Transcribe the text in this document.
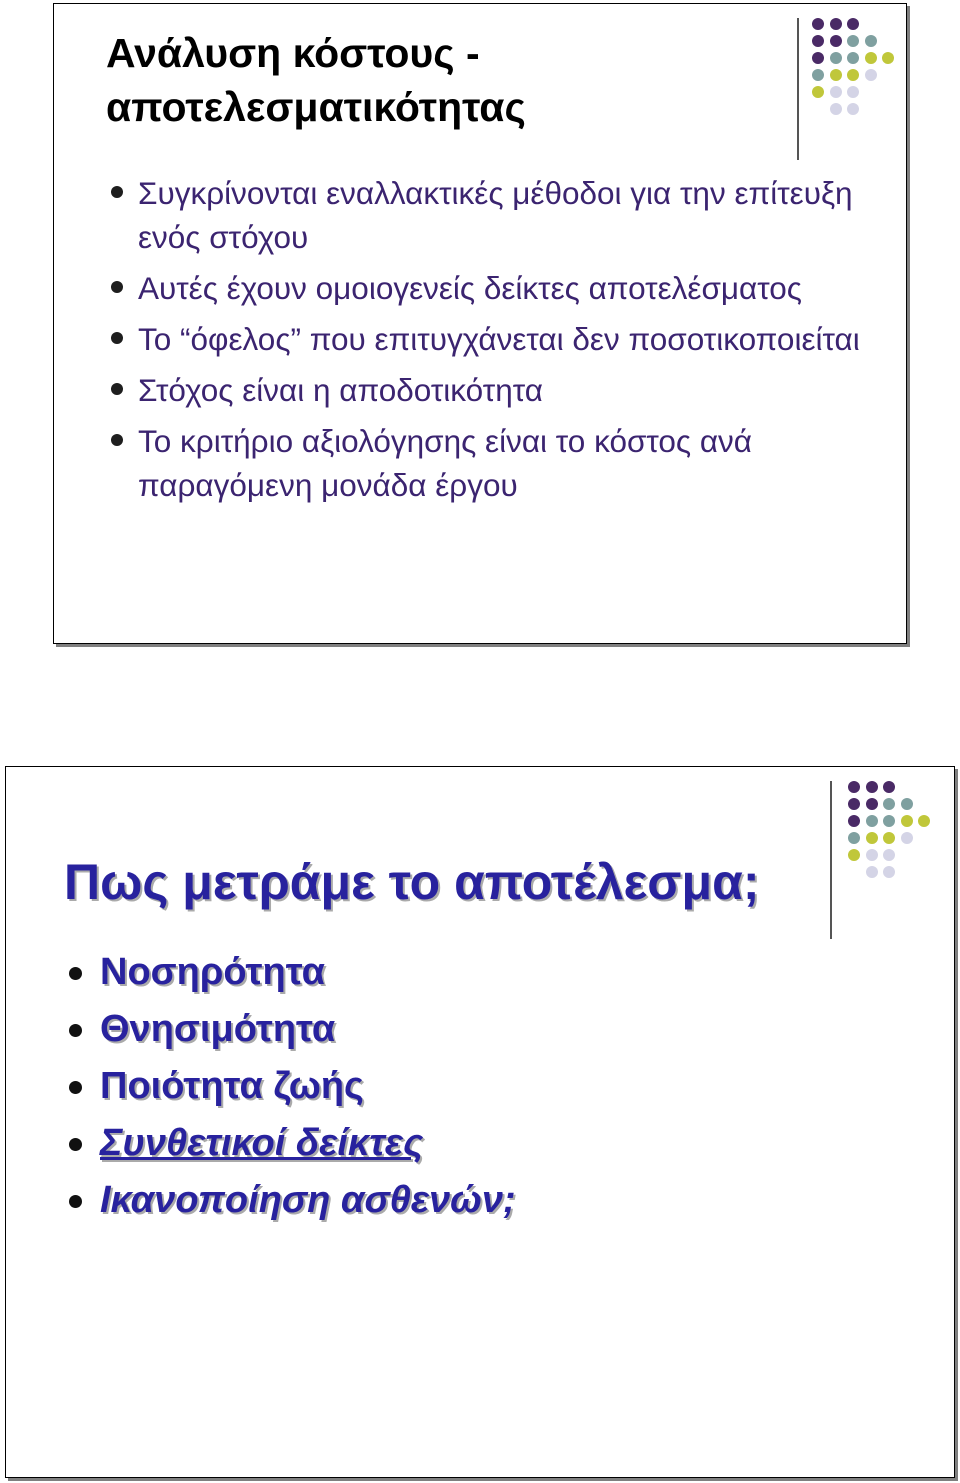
Ανάλυση κόστους - αποτελεσματικότητας
Συγκρίνονται εναλλακτικές μέθοδοι για την επίτευξη ενός στόχου
Αυτές έχουν ομοιογενείς δείκτες αποτελέσματος
Το “όφελος” που επιτυγχάνεται δεν ποσοτικοποιείται
Στόχος είναι η αποδοτικότητα
Το κριτήριο αξιολόγησης είναι το κόστος ανά παραγόμενη μονάδα έργου
Πως μετράμε το αποτέλεσμα;
Νοσηρότητα
Θνησιμότητα
Ποιότητα ζωής
Συνθετικοί δείκτες
Ικανοποίηση ασθενών;
